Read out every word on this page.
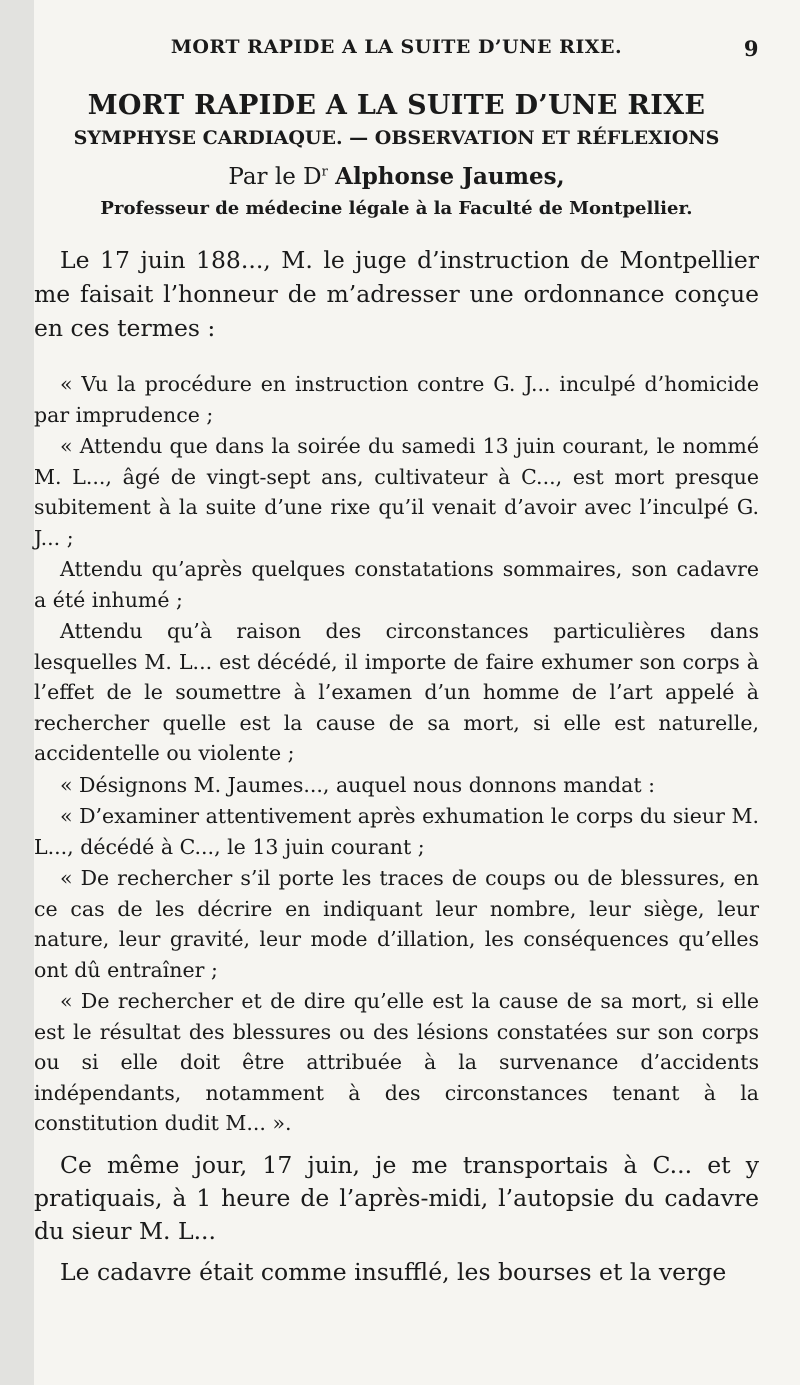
MORT RAPIDE A LA SUITE D’UNE RIXE.	9
MORT RAPIDE A LA SUITE D’UNE RIXE
SYMPHYSE CARDIAQUE. — OBSERVATION ET RÉFLEXIONS
Par le $D^r$ Alphonse Jaumes,
Professeur de médecine légale à la Faculté de Montpellier.

Le 17 juin 188..., M. le juge d’instruction de Montpellier me faisait l’honneur de m’adresser une ordonnance conçue en ces termes :

« Vu la procédure en instruction contre G. J... inculpé d’homicide par imprudence ;

« Attendu que dans la soirée du samedi 13 juin courant, le nommé M. L..., âgé de vingt-sept ans, cultivateur à C..., est mort presque subitement à la suite d’une rixe qu’il venait d’avoir avec l’inculpé G. J... ;

Attendu qu’après quelques constatations sommaires, son cadavre a été inhumé ;

Attendu qu’à raison des circonstances particulières dans lesquelles M. L... est décédé, il importe de faire exhumer son corps à l’effet de le soumettre à l’examen d’un homme de l’art appelé à rechercher quelle est la cause de sa mort, si elle est naturelle, accidentelle ou violente ;

« Désignons M. Jaumes..., auquel nous donnons mandat :

« D’examiner attentivement après exhumation le corps du sieur M. L..., décédé à C..., le 13 juin courant ;

« De rechercher s’il porte les traces de coups ou de blessures, en ce cas de les décrire en indiquant leur nombre, leur siège, leur nature, leur gravité, leur mode d’illation, les conséquences qu’elles ont dû entraîner ;

« De rechercher et de dire qu’elle est la cause de sa mort, si elle est le résultat des blessures ou des lésions constatées sur son corps ou si elle doit être attribuée à la survenance d’accidents indépendants, notamment à des circonstances tenant à la constitution dudit M... ».

Ce même jour, 17 juin, je me transportais à C... et y pratiquais, à 1 heure de l’après-midi, l’autopsie du cadavre du sieur M. L...

Le cadavre était comme insufflé, les bourses et la verge
